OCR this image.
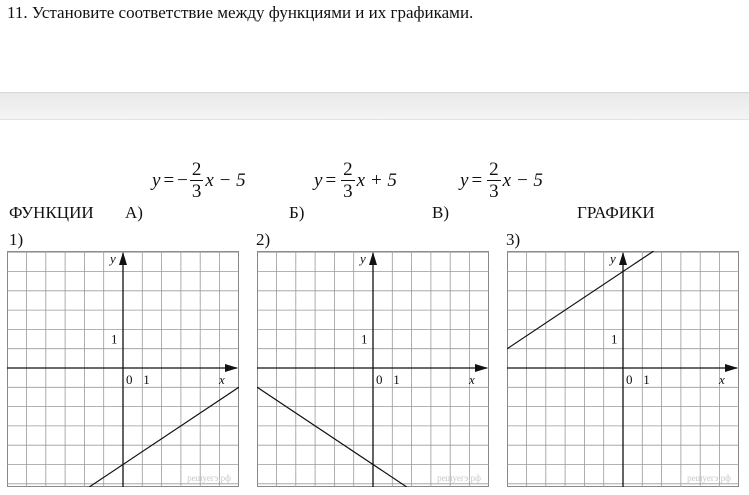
11. Установите соответствие между функциями и их графиками.
ФУНКЦИИ А)
y = − $\frac{2}{3}$ x − 5
Б)
$y = \frac{2}{3}$ x + 5
В)
$y = \frac{2}{3}$ x − 5
ГРАФИКИ
1)	2)	3)
решуегэ.рф
x
y
0 1
1
решуегэ.рф
x
y
0 1
1
решуегэ.рф
x
y
0 1
1
